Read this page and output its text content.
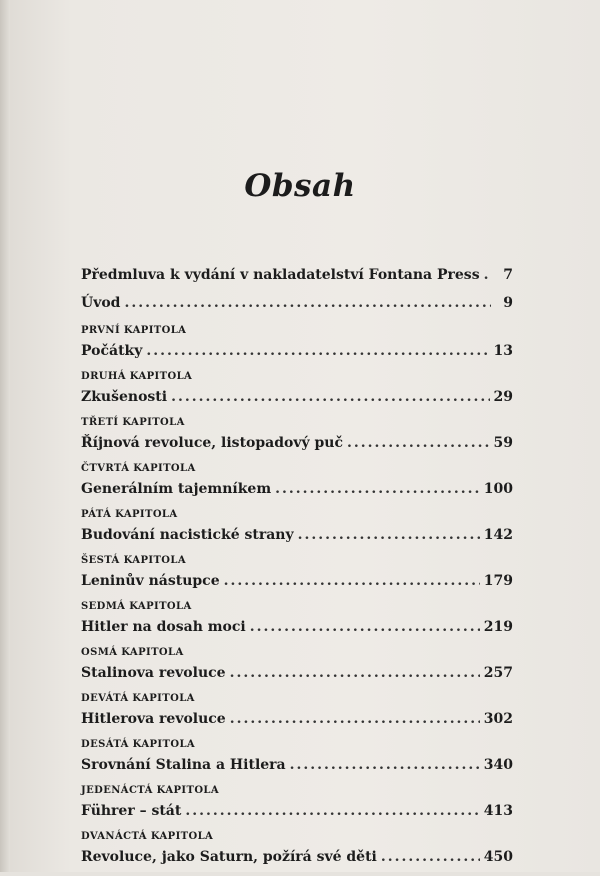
Obsah
Předmluva k vydání v nakladatelství Fontana Press .....	7
Úvod .....	9
PRVNÍ KAPITOLA
Počátky .....	13
DRUHÁ KAPITOLA
Zkušenosti .....	29
TŘETÍ KAPITOLA
Říjnová revoluce, listopadový puč .....	59
ČTVRTÁ KAPITOLA
Generálním tajemníkem .....	100
PÁTÁ KAPITOLA
Budování nacistické strany .....	142
ŠESTÁ KAPITOLA
Leninův nástupce .....	179
SEDMÁ KAPITOLA
Hitler na dosah moci .....	219
OSMÁ KAPITOLA
Stalinova revoluce .....	257
DEVÁTÁ KAPITOLA
Hitlerova revoluce .....	302
DESÁTÁ KAPITOLA
Srovnání Stalina a Hitlera .....	340
JEDENÁCTÁ KAPITOLA
Führer – stát .....	413
DVANÁCTÁ KAPITOLA
Revoluce, jako Saturn, požírá své děti .....	450
